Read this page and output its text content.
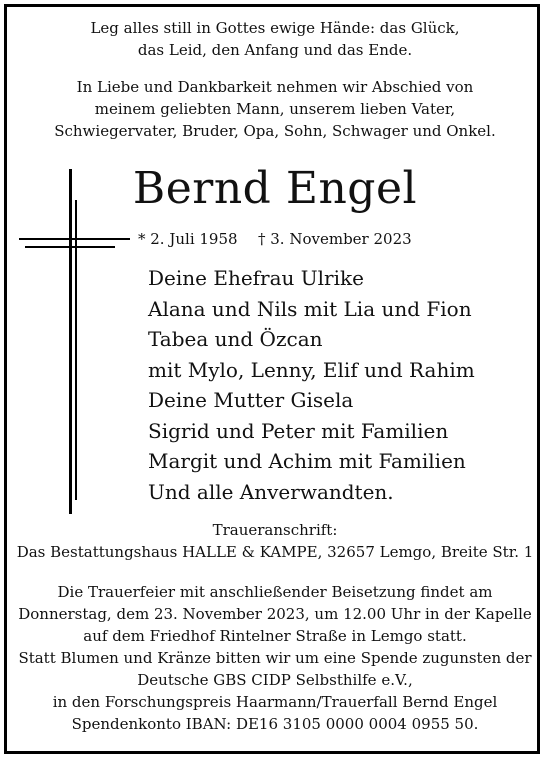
Leg alles still in Gottes ewige Hände: das Glück,
das Leid, den Anfang und das Ende.
In Liebe und Dankbarkeit nehmen wir Abschied von
meinem geliebten Mann, unserem lieben Vater,
Schwiegervater, Bruder, Opa, Sohn, Schwager und Onkel.
Bernd Engel
* 2. Juli 1958 † 3. November 2023
Deine Ehefrau Ulrike
Alana und Nils mit Lia und Fion
Tabea und Özcan
mit Mylo, Lenny, Elif und Rahim
Deine Mutter Gisela
Sigrid und Peter mit Familien
Margit und Achim mit Familien
Und alle Anverwandten.
Traueranschrift:
Das Bestattungshaus HALLE & KAMPE, 32657 Lemgo, Breite Str. 1
Die Trauerfeier mit anschließender Beisetzung findet am
Donnerstag, dem 23. November 2023, um 12.00 Uhr in der Kapelle
auf dem Friedhof Rintelner Straße in Lemgo statt.
Statt Blumen und Kränze bitten wir um eine Spende zugunsten der
Deutsche GBS CIDP Selbsthilfe e.V.,
in den Forschungspreis Haarmann/Trauerfall Bernd Engel
Spendenkonto IBAN: DE16 3105 0000 0004 0955 50.
